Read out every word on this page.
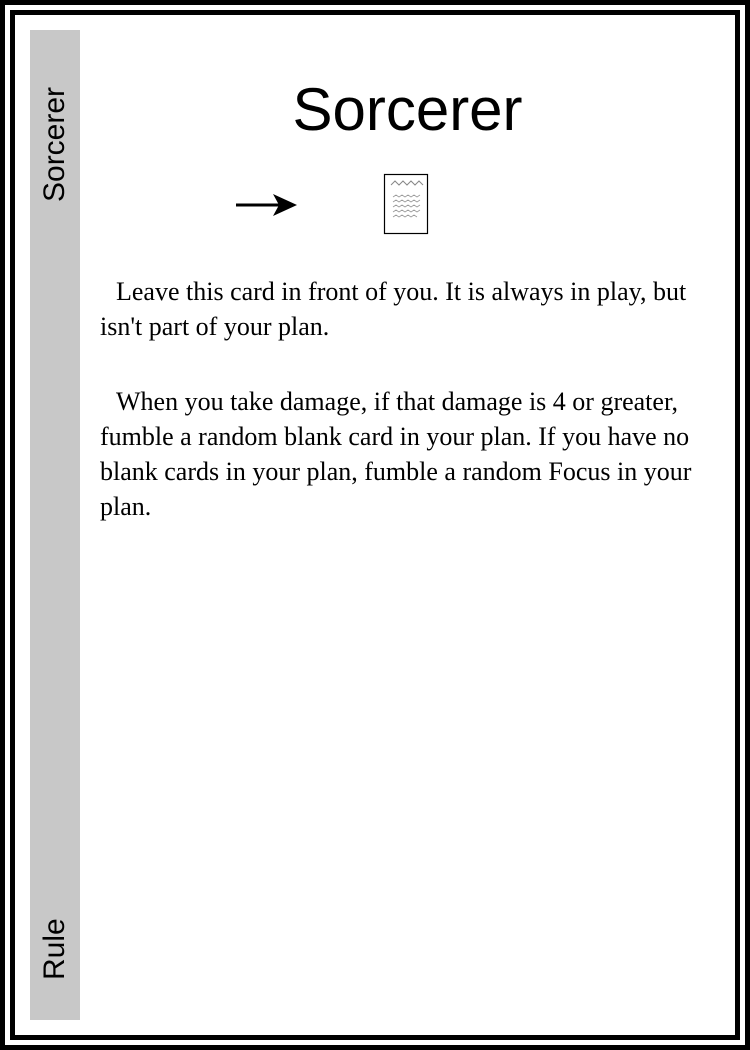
Sorcerer
Rule
Sorcerer

Leave this card in front of you. It is always in play, but isn't part of your plan.

When you take damage, if that damage is 4 or greater, fumble a random blank card in your plan. If you have no blank cards in your plan, fumble a random Focus in your plan.
